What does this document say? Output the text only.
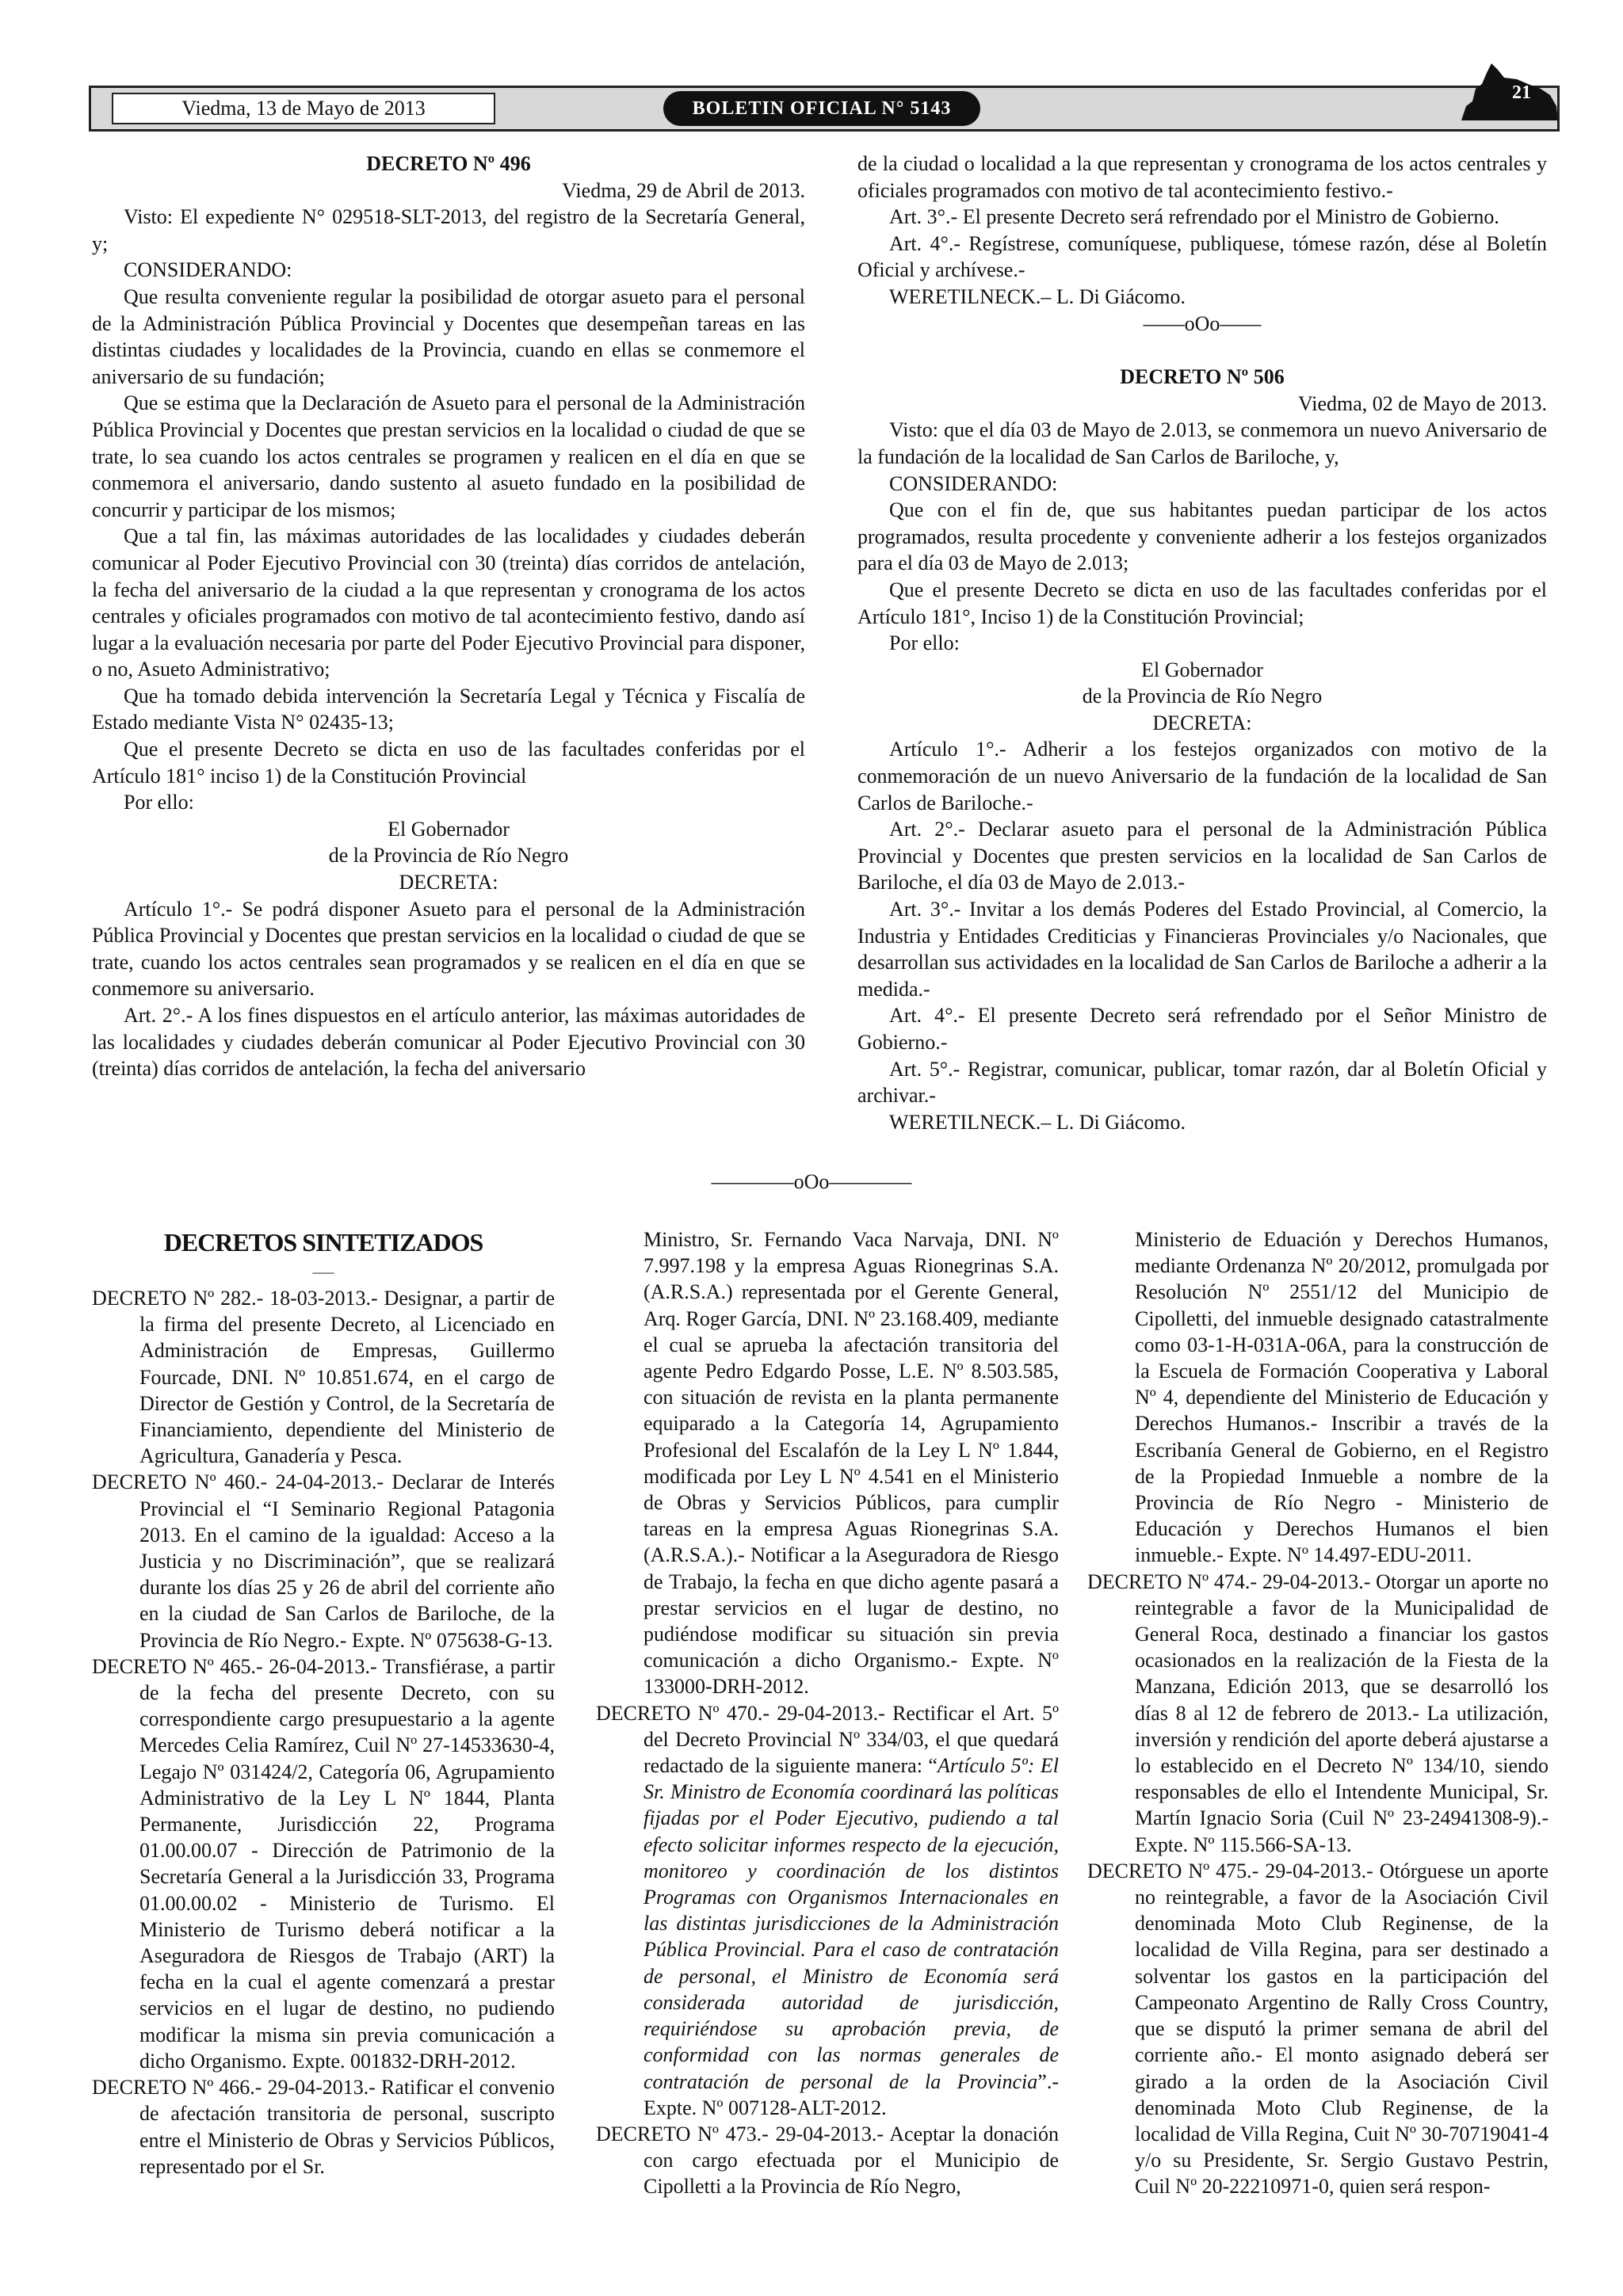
Viedma, 13 de Mayo de 2013	BOLETIN OFICIAL N° 5143
21
DECRETO Nº 496
Viedma, 29 de Abril de 2013.

Visto: El expediente N° 029518-SLT-2013, del registro de la Secretaría General, y;

CONSIDERANDO:

Que resulta conveniente regular la posibilidad de otorgar asueto para el personal de la Administración Pública Provincial y Docentes que desempeñan tareas en las distintas ciudades y localidades de la Provincia, cuando en ellas se conmemore el aniversario de su fundación;

Que se estima que la Declaración de Asueto para el personal de la Administración Pública Provincial y Docentes que prestan servicios en la localidad o ciudad de que se trate, lo sea cuando los actos centrales se programen y realicen en el día en que se conmemora el aniversario, dando sustento al asueto fundado en la posibilidad de concurrir y participar de los mismos;

Que a tal fin, las máximas autoridades de las localidades y ciudades deberán comunicar al Poder Ejecutivo Provincial con 30 (treinta) días corridos de antelación, la fecha del aniversario de la ciudad a la que representan y cronograma de los actos centrales y oficiales programados con motivo de tal acontecimiento festivo, dando así lugar a la evaluación necesaria por parte del Poder Ejecutivo Provincial para disponer, o no, Asueto Administrativo;

Que ha tomado debida intervención la Secretaría Legal y Técnica y Fiscalía de Estado mediante Vista N° 02435-13;

Que el presente Decreto se dicta en uso de las facultades conferidas por el Artículo 181° inciso 1) de la Constitución Provincial

Por ello:

El Gobernador
de la Provincia de Río Negro
DECRETA:

Artículo 1°.- Se podrá disponer Asueto para el personal de la Administración Pública Provincial y Docentes que prestan servicios en la localidad o ciudad de que se trate, cuando los actos centrales sean programados y se realicen en el día en que se conmemore su aniversario.

Art. 2°.- A los fines dispuestos en el artículo anterior, las máximas autoridades de las localidades y ciudades deberán comunicar al Poder Ejecutivo Provincial con 30 (treinta) días corridos de antelación, la fecha del aniversario

de la ciudad o localidad a la que representan y cronograma de los actos centrales y oficiales programados con motivo de tal acontecimiento festivo.-

Art. 3°.- El presente Decreto será refrendado por el Ministro de Gobierno.

Art. 4°.- Regístrese, comuníquese, publiquese, tómese razón, dése al Boletín Oficial y archívese.-

WERETILNECK.– L. Di Giácomo.

——oOo——
DECRETO Nº 506
Viedma, 02 de Mayo de 2013.

Visto: que el día 03 de Mayo de 2.013, se conmemora un nuevo Aniversario de la fundación de la localidad de San Carlos de Bariloche, y,

CONSIDERANDO:

Que con el fin de, que sus habitantes puedan participar de los actos programados, resulta procedente y conveniente adherir a los festejos organizados para el día 03 de Mayo de 2.013;

Que el presente Decreto se dicta en uso de las facultades conferidas por el Artículo 181°, Inciso 1) de la Constitución Provincial;

Por ello:

El Gobernador
de la Provincia de Río Negro
DECRETA:

Artículo 1°.- Adherir a los festejos organizados con motivo de la conmemoración de un nuevo Aniversario de la fundación de la localidad de San Carlos de Bariloche.-

Art. 2°.- Declarar asueto para el personal de la Administración Pública Provincial y Docentes que presten servicios en la localidad de San Carlos de Bariloche, el día 03 de Mayo de 2.013.-

Art. 3°.- Invitar a los demás Poderes del Estado Provincial, al Comercio, la Industria y Entidades Crediticias y Financieras Provinciales y/o Nacionales, que desarrollan sus actividades en la localidad de San Carlos de Bariloche a adherir a la medida.-

Art. 4°.- El presente Decreto será refrendado por el Señor Ministro de Gobierno.-

Art. 5°.- Registrar, comunicar, publicar, tomar razón, dar al Boletín Oficial y archivar.-

WERETILNECK.– L. Di Giácomo.

————oOo————
DECRETOS SINTETIZADOS
___

DECRETO Nº 282.- 18-03-2013.- Designar, a partir de la firma del presente Decreto, al Licenciado en Administración de Empresas, Guillermo Fourcade, DNI. Nº 10.851.674, en el cargo de Director de Gestión y Control, de la Secretaría de Financiamiento, dependiente del Ministerio de Agricultura, Ganadería y Pesca.

DECRETO Nº 460.- 24-04-2013.- Declarar de Interés Provincial el “I Seminario Regional Patagonia 2013. En el camino de la igualdad: Acceso a la Justicia y no Discriminación”, que se realizará durante los días 25 y 26 de abril del corriente año en la ciudad de San Carlos de Bariloche, de la Provincia de Río Negro.- Expte. Nº 075638-G-13.

DECRETO Nº 465.- 26-04-2013.- Transfiérase, a partir de la fecha del presente Decreto, con su correspondiente cargo presupuestario a la agente Mercedes Celia Ramírez, Cuil Nº 27-14533630-4, Legajo Nº 031424/2, Categoría 06, Agrupamiento Administrativo de la Ley L Nº 1844, Planta Permanente, Jurisdicción 22, Programa 01.00.00.07 - Dirección de Patrimonio de la Secretaría General a la Jurisdicción 33, Programa 01.00.00.02 - Ministerio de Turismo. El Ministerio de Turismo deberá notificar a la Aseguradora de Riesgos de Trabajo (ART) la fecha en la cual el agente comenzará a prestar servicios en el lugar de destino, no pudiendo modificar la misma sin previa comunicación a dicho Organismo. Expte. 001832-DRH-2012.

DECRETO Nº 466.- 29-04-2013.- Ratificar el convenio de afectación transitoria de personal, suscripto entre el Ministerio de Obras y Servicios Públicos, representado por el Sr.

Ministro, Sr. Fernando Vaca Narvaja, DNI. Nº 7.997.198 y la empresa Aguas Rionegrinas S.A. (A.R.S.A.) representada por el Gerente General, Arq. Roger García, DNI. Nº 23.168.409, mediante el cual se aprueba la afectación transitoria del agente Pedro Edgardo Posse, L.E. Nº 8.503.585, con situación de revista en la planta permanente equiparado a la Categoría 14, Agrupamiento Profesional del Escalafón de la Ley L Nº 1.844, modificada por Ley L Nº 4.541 en el Ministerio de Obras y Servicios Públicos, para cumplir tareas en la empresa Aguas Rionegrinas S.A. (A.R.S.A.).- Notificar a la Aseguradora de Riesgo de Trabajo, la fecha en que dicho agente pasará a prestar servicios en el lugar de destino, no pudiéndose modificar su situación sin previa comunicación a dicho Organismo.- Expte. Nº 133000-DRH-2012.

DECRETO Nº 470.- 29-04-2013.- Rectificar el Art. 5º del Decreto Provincial Nº 334/03, el que quedará redactado de la siguiente manera: “Artículo 5º: El Sr. Ministro de Economía coordinará las políticas fijadas por el Poder Ejecutivo, pudiendo a tal efecto solicitar informes respecto de la ejecución, monitoreo y coordinación de los distintos Programas con Organismos Internacionales en las distintas jurisdicciones de la Administración Pública Provincial. Para el caso de contratación de personal, el Ministro de Economía será considerada autoridad de jurisdicción, requiriéndose su aprobación previa, de conformidad con las normas generales de contratación de personal de la Provincia”.- Expte. Nº 007128-ALT-2012.

DECRETO Nº 473.- 29-04-2013.- Aceptar la donación con cargo efectuada por el Municipio de Cipolletti a la Provincia de Río Negro,

Ministerio de Eduación y Derechos Humanos, mediante Ordenanza Nº 20/2012, promulgada por Resolución Nº 2551/12 del Municipio de Cipolletti, del inmueble designado catastralmente como 03-1-H-031A-06A, para la construcción de la Escuela de Formación Cooperativa y Laboral Nº 4, dependiente del Ministerio de Educación y Derechos Humanos.- Inscribir a través de la Escribanía General de Gobierno, en el Registro de la Propiedad Inmueble a nombre de la Provincia de Río Negro - Ministerio de Educación y Derechos Humanos el bien inmueble.- Expte. Nº 14.497-EDU-2011.

DECRETO Nº 474.- 29-04-2013.- Otorgar un aporte no reintegrable a favor de la Municipalidad de General Roca, destinado a financiar los gastos ocasionados en la realización de la Fiesta de la Manzana, Edición 2013, que se desarrolló los días 8 al 12 de febrero de 2013.- La utilización, inversión y rendición del aporte deberá ajustarse a lo establecido en el Decreto Nº 134/10, siendo responsables de ello el Intendente Municipal, Sr. Martín Ignacio Soria (Cuil Nº 23-24941308-9).- Expte. Nº 115.566-SA-13.

DECRETO Nº 475.- 29-04-2013.- Otórguese un aporte no reintegrable, a favor de la Asociación Civil denominada Moto Club Reginense, de la localidad de Villa Regina, para ser destinado a solventar los gastos en la participación del Campeonato Argentino de Rally Cross Country, que se disputó la primer semana de abril del corriente año.- El monto asignado deberá ser girado a la orden de la Asociación Civil denominada Moto Club Reginense, de la localidad de Villa Regina, Cuit Nº 30-70719041-4 y/o su Presidente, Sr. Sergio Gustavo Pestrin, Cuil Nº 20-22210971-0, quien será respon-
